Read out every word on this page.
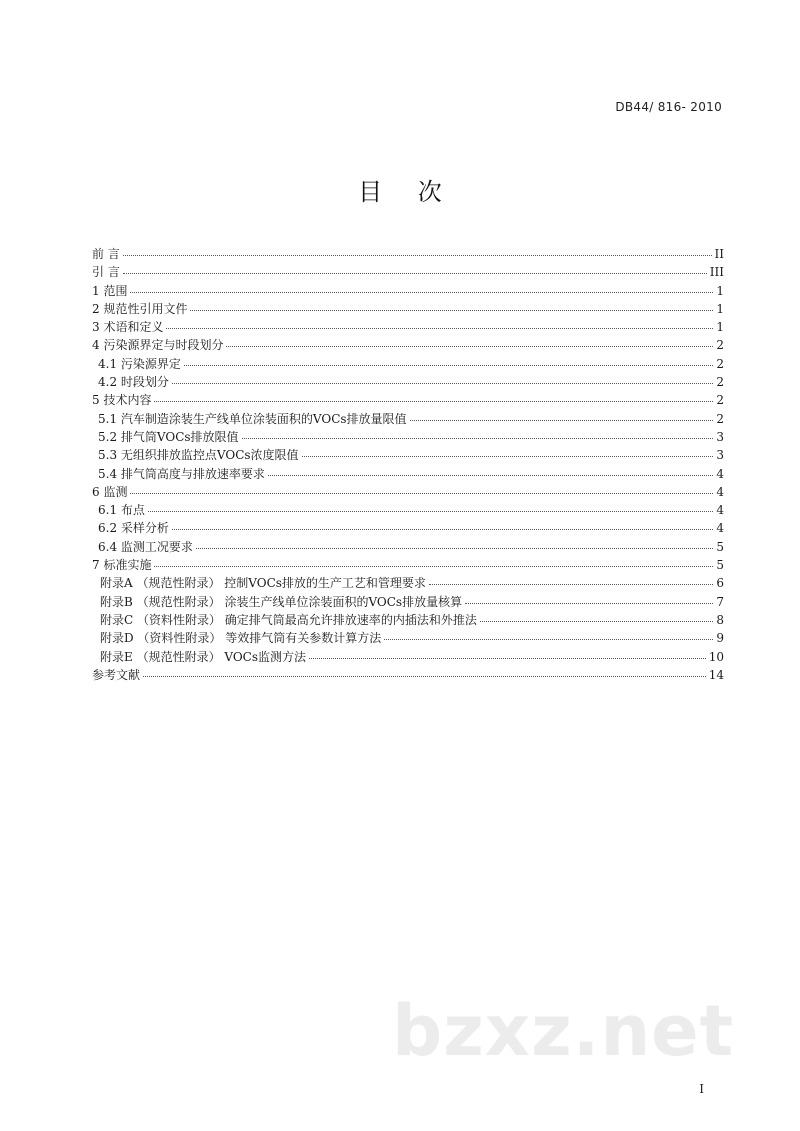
DB44/ 816- 2010
目 次
前 言	II
引 言	III
1 范围	1
2 规范性引用文件	1
3 术语和定义	1
4 污染源界定与时段划分	2
4.1 污染源界定	2
4.2 时段划分	2
5 技术内容	2
5.1 汽车制造涂装生产线单位涂装面积的VOCs排放量限值	2
5.2 排气筒VOCs排放限值	3
5.3 无组织排放监控点VOCs浓度限值	3
5.4 排气筒高度与排放速率要求	4
6 监测	4
6.1 布点	4
6.2 采样分析	4
6.4 监测工况要求	5
7 标准实施	5
附录A （规范性附录） 控制VOCs排放的生产工艺和管理要求	6
附录B （规范性附录） 涂装生产线单位涂装面积的VOCs排放量核算	7
附录C （资料性附录） 确定排气筒最高允许排放速率的内插法和外推法	8
附录D （资料性附录） 等效排气筒有关参数计算方法	9
附录E （规范性附录） VOCs监测方法	10
参考文献	14
bzxz.net
I
